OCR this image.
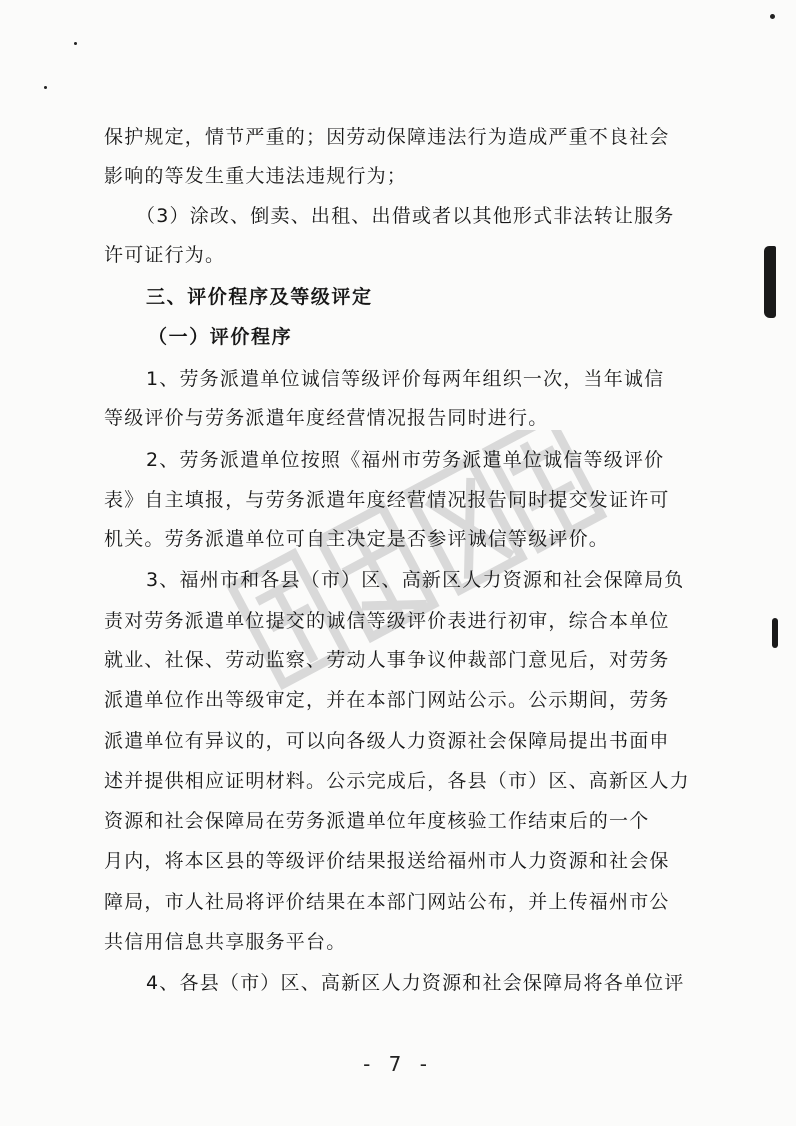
保护规定，情节严重的；因劳动保障违法行为造成严重不良社会
影响的等发生重大违法违规行为；
（3）涂改、倒卖、出租、出借或者以其他形式非法转让服务
许可证行为。
三、评价程序及等级评定
（一）评价程序
1、劳务派遣单位诚信等级评价每两年组织一次，当年诚信
等级评价与劳务派遣年度经营情况报告同时进行。
2、劳务派遣单位按照《福州市劳务派遣单位诚信等级评价
表》自主填报，与劳务派遣年度经营情况报告同时提交发证许可
机关。劳务派遣单位可自主决定是否参评诚信等级评价。
3、福州市和各县（市）区、高新区人力资源和社会保障局负
责对劳务派遣单位提交的诚信等级评价表进行初审，综合本单位
就业、社保、劳动监察、劳动人事争议仲裁部门意见后，对劳务
派遣单位作出等级审定，并在本部门网站公示。公示期间，劳务
派遣单位有异议的，可以向各级人力资源社会保障局提出书面申
述并提供相应证明材料。公示完成后，各县（市）区、高新区人力
资源和社会保障局在劳务派遣单位年度核验工作结束后的一个
月内，将本区县的等级评价结果报送给福州市人力资源和社会保
障局，市人社局将评价结果在本部门网站公布，并上传福州市公
共信用信息共享服务平台。
4、各县（市）区、高新区人力资源和社会保障局将各单位评
- 7 -
